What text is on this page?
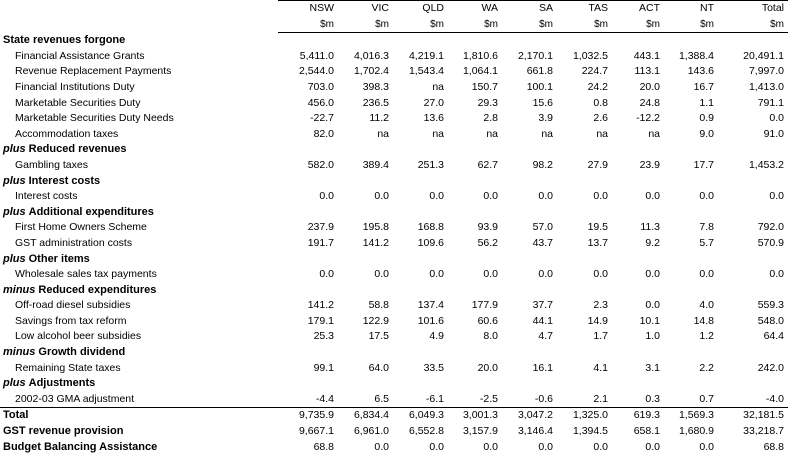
	NSW	VIC	QLD	WA	SA	TAS	ACT	NT	Total
	$m	$m	$m	$m	$m	$m	$m	$m	$m
State revenues forgone									
Financial Assistance Grants	5,411.0	4,016.3	4,219.1	1,810.6	2,170.1	1,032.5	443.1	1,388.4	20,491.1
Revenue Replacement Payments	2,544.0	1,702.4	1,543.4	1,064.1	661.8	224.7	113.1	143.6	7,997.0
Financial Institutions Duty	703.0	398.3	na	150.7	100.1	24.2	20.0	16.7	1,413.0
Marketable Securities Duty	456.0	236.5	27.0	29.3	15.6	0.8	24.8	1.1	791.1
Marketable Securities Duty Needs	-22.7	11.2	13.6	2.8	3.9	2.6	-12.2	0.9	0.0
Accommodation taxes	82.0	na	na	na	na	na	na	9.0	91.0
plus Reduced revenues									
Gambling taxes	582.0	389.4	251.3	62.7	98.2	27.9	23.9	17.7	1,453.2
plus Interest costs									
Interest costs	0.0	0.0	0.0	0.0	0.0	0.0	0.0	0.0	0.0
plus Additional expenditures									
First Home Owners Scheme	237.9	195.8	168.8	93.9	57.0	19.5	11.3	7.8	792.0
GST administration costs	191.7	141.2	109.6	56.2	43.7	13.7	9.2	5.7	570.9
plus Other items									
Wholesale sales tax payments	0.0	0.0	0.0	0.0	0.0	0.0	0.0	0.0	0.0
minus Reduced expenditures									
Off-road diesel subsidies	141.2	58.8	137.4	177.9	37.7	2.3	0.0	4.0	559.3
Savings from tax reform	179.1	122.9	101.6	60.6	44.1	14.9	10.1	14.8	548.0
Low alcohol beer subsidies	25.3	17.5	4.9	8.0	4.7	1.7	1.0	1.2	64.4
minus Growth dividend									
Remaining State taxes	99.1	64.0	33.5	20.0	16.1	4.1	3.1	2.2	242.0
plus Adjustments									
2002-03 GMA adjustment	-4.4	6.5	-6.1	-2.5	-0.6	2.1	0.3	0.7	-4.0
Total	9,735.9	6,834.4	6,049.3	3,001.3	3,047.2	1,325.0	619.3	1,569.3	32,181.5
GST revenue provision	9,667.1	6,961.0	6,552.8	3,157.9	3,146.4	1,394.5	658.1	1,680.9	33,218.7
Budget Balancing Assistance	68.8	0.0	0.0	0.0	0.0	0.0	0.0	0.0	68.8
